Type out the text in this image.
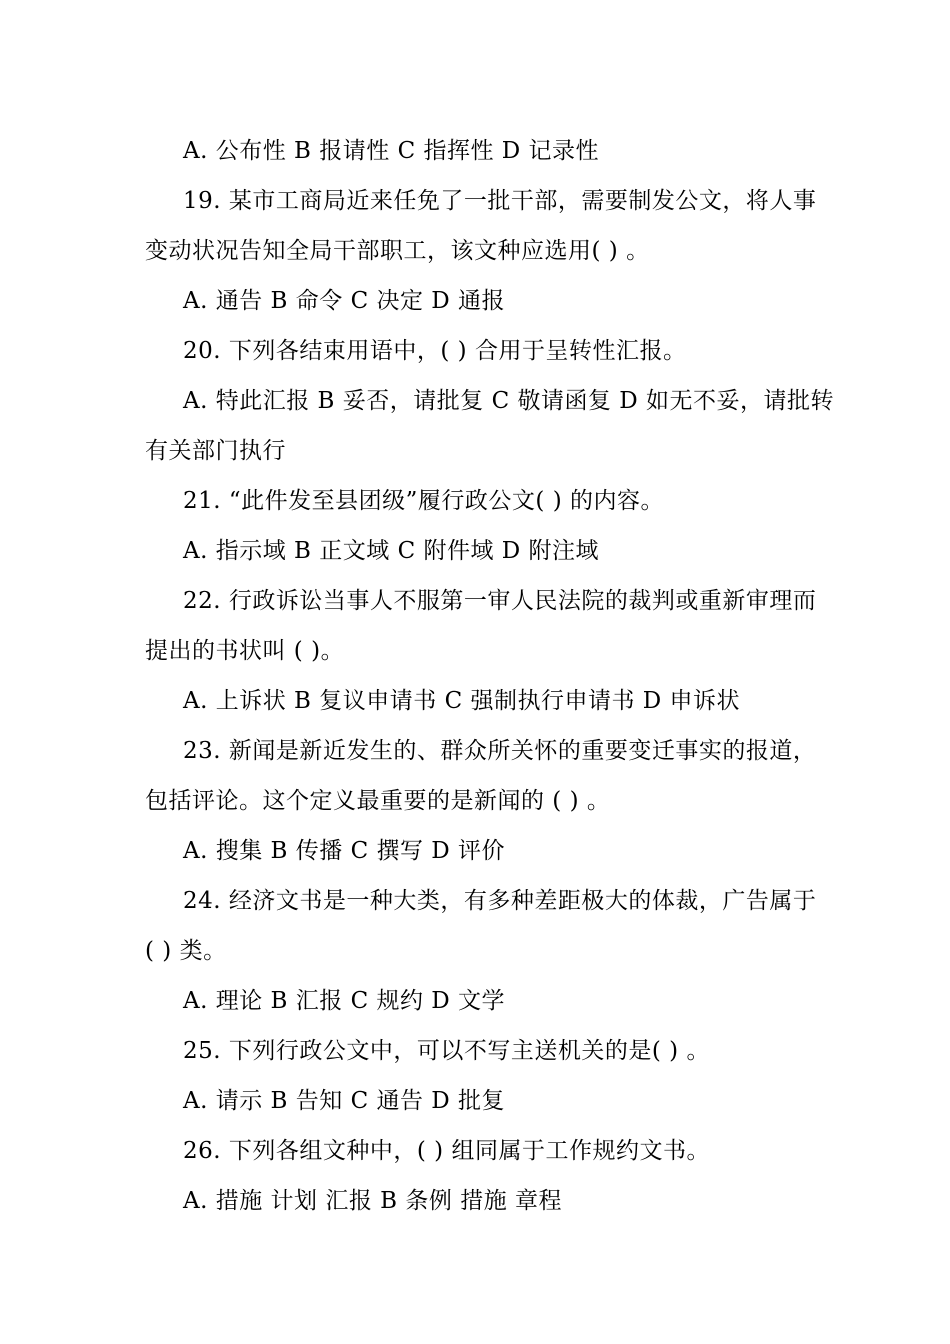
A. 公布性 B 报请性 C 指挥性 D 记录性
19. 某市工商局近来任免了一批干部，需要制发公文，将人事
变动状况告知全局干部职工，该文种应选用( ) 。
A. 通告 B 命令 C 决定 D 通报
20. 下列各结束用语中，( ) 合用于呈转性汇报。
A. 特此汇报 B 妥否，请批复 C 敬请函复 D 如无不妥，请批转
有关部门执行
21. “此件发至县团级”履行政公文( ) 的内容。
A. 指示域 B 正文域 C 附件域 D 附注域
22. 行政诉讼当事人不服第一审人民法院的裁判或重新审理而
提出的书状叫 ( )。
A. 上诉状 B 复议申请书 C 强制执行申请书 D 申诉状
23. 新闻是新近发生的、群众所关怀的重要变迁事实的报道，
包括评论。这个定义最重要的是新闻的 ( ) 。
A. 搜集 B 传播 C 撰写 D 评价
24. 经济文书是一种大类，有多种差距极大的体裁，广告属于
( ) 类。
A. 理论 B 汇报 C 规约 D 文学
25. 下列行政公文中，可以不写主送机关的是( ) 。
A. 请示 B 告知 C 通告 D 批复
26. 下列各组文种中，( ) 组同属于工作规约文书。
A. 措施 计划 汇报 B 条例 措施 章程
